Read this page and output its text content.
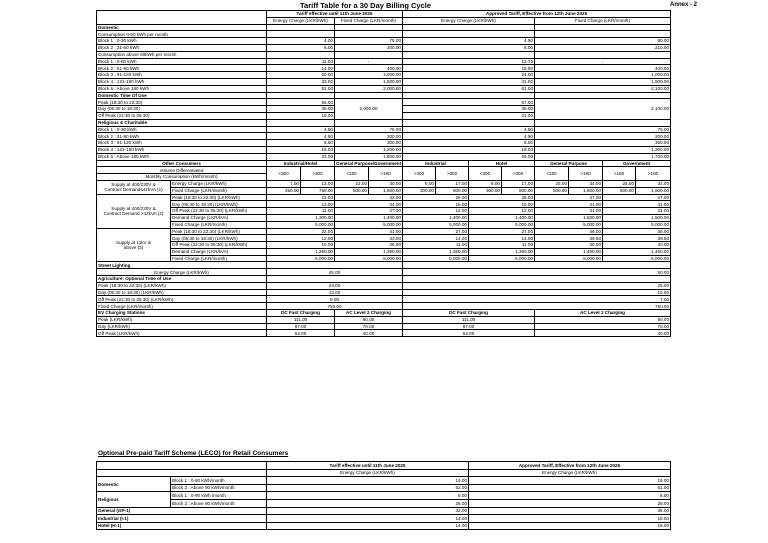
Tariff Table for a 30 Day Billing Cycle	Annex - 2
		Tariff effective until 11th June 2025				Approved Tariff, Effective from 12th June 2025							
		Energy Charge (LKR/kWh)		Fixed Charge (LKR/month)		Energy Charge (LKR/kWh)				Fixed Charge (LKR/month)			
Domestic													
Consumption 0-60 kWh per month													
Block 1 : 0-30 kWh		4.00		75.00		4.50				80.00			
Block 2 : 31-60 kWh		6.00		200.00		8.00				210.00			
Consumption above 60kWh per month													
Block 1 : 0-60 kWh		11.00		-		12.75				-			
Block 2 : 61-90 kWh		14.00		400.00		18.50				400.00			
Block 3 : 91-120 kWh		20.00		1,000.00		24.00				1,000.00			
Block 4 : 121-180 kWh		33.00		1,500.00		41.00				1,500.00			
Block 5 : Above 180 kWh		52.00		2,000.00		61.00				2,100.00			
Domestic Time Of Use													
Peak (18:30 to 22:30)		55.00		2,000.00		67.00				2,100.00			
Day (05:30 to 18:30)		35.00				35.00							
Off Peak (22:30 to 05:30)		15.00				21.00							
Religious & Charitable													
Block 1 : 0-30 kWh		4.50		75.00		4.50				75.00			
Block 2 : 31-90 kWh		4.50		200.00		4.50				200.00			
Block 3 : 91-120 kWh		6.50		300.00		8.00				350.00			
Block 4 : 121-180 kWh		15.00		1,200.00		19.00				1,300.00			
Block 5 : Above 180 kWh		23.00		1,600.00		26.00				1,700.00			
Other Consumers		Industrial/Hotel		General Purpose/Government		Industrial		Hotel		General Purpose		Government	
Volume Differentiated		<300	>300	<180	>180	<300	>300	<300	>300	<180	>180	<180	>180
Monthly Consumption (kWh/month)													
Supply at 400/230V &
Contract Demand≤42kVA (1)	Energy Charge (LKR/kWh)	7.00	13.00	22.00	30.00	8.00	17.00	8.00	17.00	25.00	34.00	25.00	34.00
	Fixed Charge (LKR/month)	250.00	750.00	500.00	1,500.00	300.00	800.00	300.00	800.00	500.00	1,600.00	500.00	1,600.00
Supply at 400/230V &
Contract Demand >42kVA (2)	Peak (18:30 to 22:30) (LKR/kWh)	23.00		42.00		28.00		28.00		47.00		47.00	
	Day (05:30 to 18:30) (LKR/kWh)	13.00		34.00		15.00		15.00		41.00		41.00	
	Off Peak (22:30 to 05:30) (LKR/kWh)	11.00		27.00		12.00		12.00		31.00		31.00	
	Demand Charge (LKR/kVA)	1,300.00		1,400.00		1,400.00		1,400.00		1,500.00		1,500.00	
	Fixed Charge (LKR/month)	5,000.00		5,000.00		5,000.00		5,000.00		5,000.00		5,000.00	
Supply at 11kV &
above (3)	Peak (18:30 to 22:30) (LKR/kWh)	22.00		41.00		27.00		27.00		46.00		46.00	
	Day (05:30 to 18:30) (LKR/kWh)	12.00		33.00		14.00		14.00		39.50		39.50	
	Off Peak (22:30 to 05:30) (LKR/kWh)	10.00		26.00		11.00		11.00		30.00		30.00	
	Demand Charge (LKR/kVA)	1,250.00		1,350.00		1,350.00		1,350.00		1,450.00		1,450.00	
	Fixed Charge (LKR/month)	5,000.00		5,000.00		5,000.00		5,000.00		5,000.00		5,000.00	
Street Lighting													
Energy Charge (LKR/kWh)		45.00				50.00							
Agriculture: Optional Time of Use													
Peak (18:30 to 22:30) (LKR/kWh)		23.00				25.00							
Day (05:30 to 18:30) (LKR/kWh)		13.00				15.00							
Off Peak (22:30 to 05:30) (LKR/kWh)		8.00				7.00							
Fixed Charge (LKR/month)		750.00				750.00							
EV Charging Stations		DC Fast Charging		AC Level 2 Charging		DC Fast Charging				AC Level 2 Charging			
Peak (LKR/kWh)		111.00		90.00		111.00				90.00			
Day (LKR/kWh)		87.00		70.00		87.00				70.00			
Off Peak (LKR/kWh)		53.00		40.00		53.00				40.00			
Optional Pre-paid Tariff Scheme (LECO) for Retail Consumers
		Tariff effective until 11th June 2025	Approved Tariff, Effective from 12th June 2025
		Energy Charge (LKR/kWh)	Energy Charge (LKR/kWh)
Domestic	Block 1 : 0-90 kWh/month	14.00	16.00
	Block 2 : Above 90 kWh/month	52.00	61.00
Religious	Block 1 : 0-90 kWh /month	8.00	8.00
	Block 2 : Above 90 kWh/month	25.00	28.00
General (GP-1)		32.00	36.00
Industrial (I-1)		14.00	18.00
Hotel (H-1)		14.00	18.00
